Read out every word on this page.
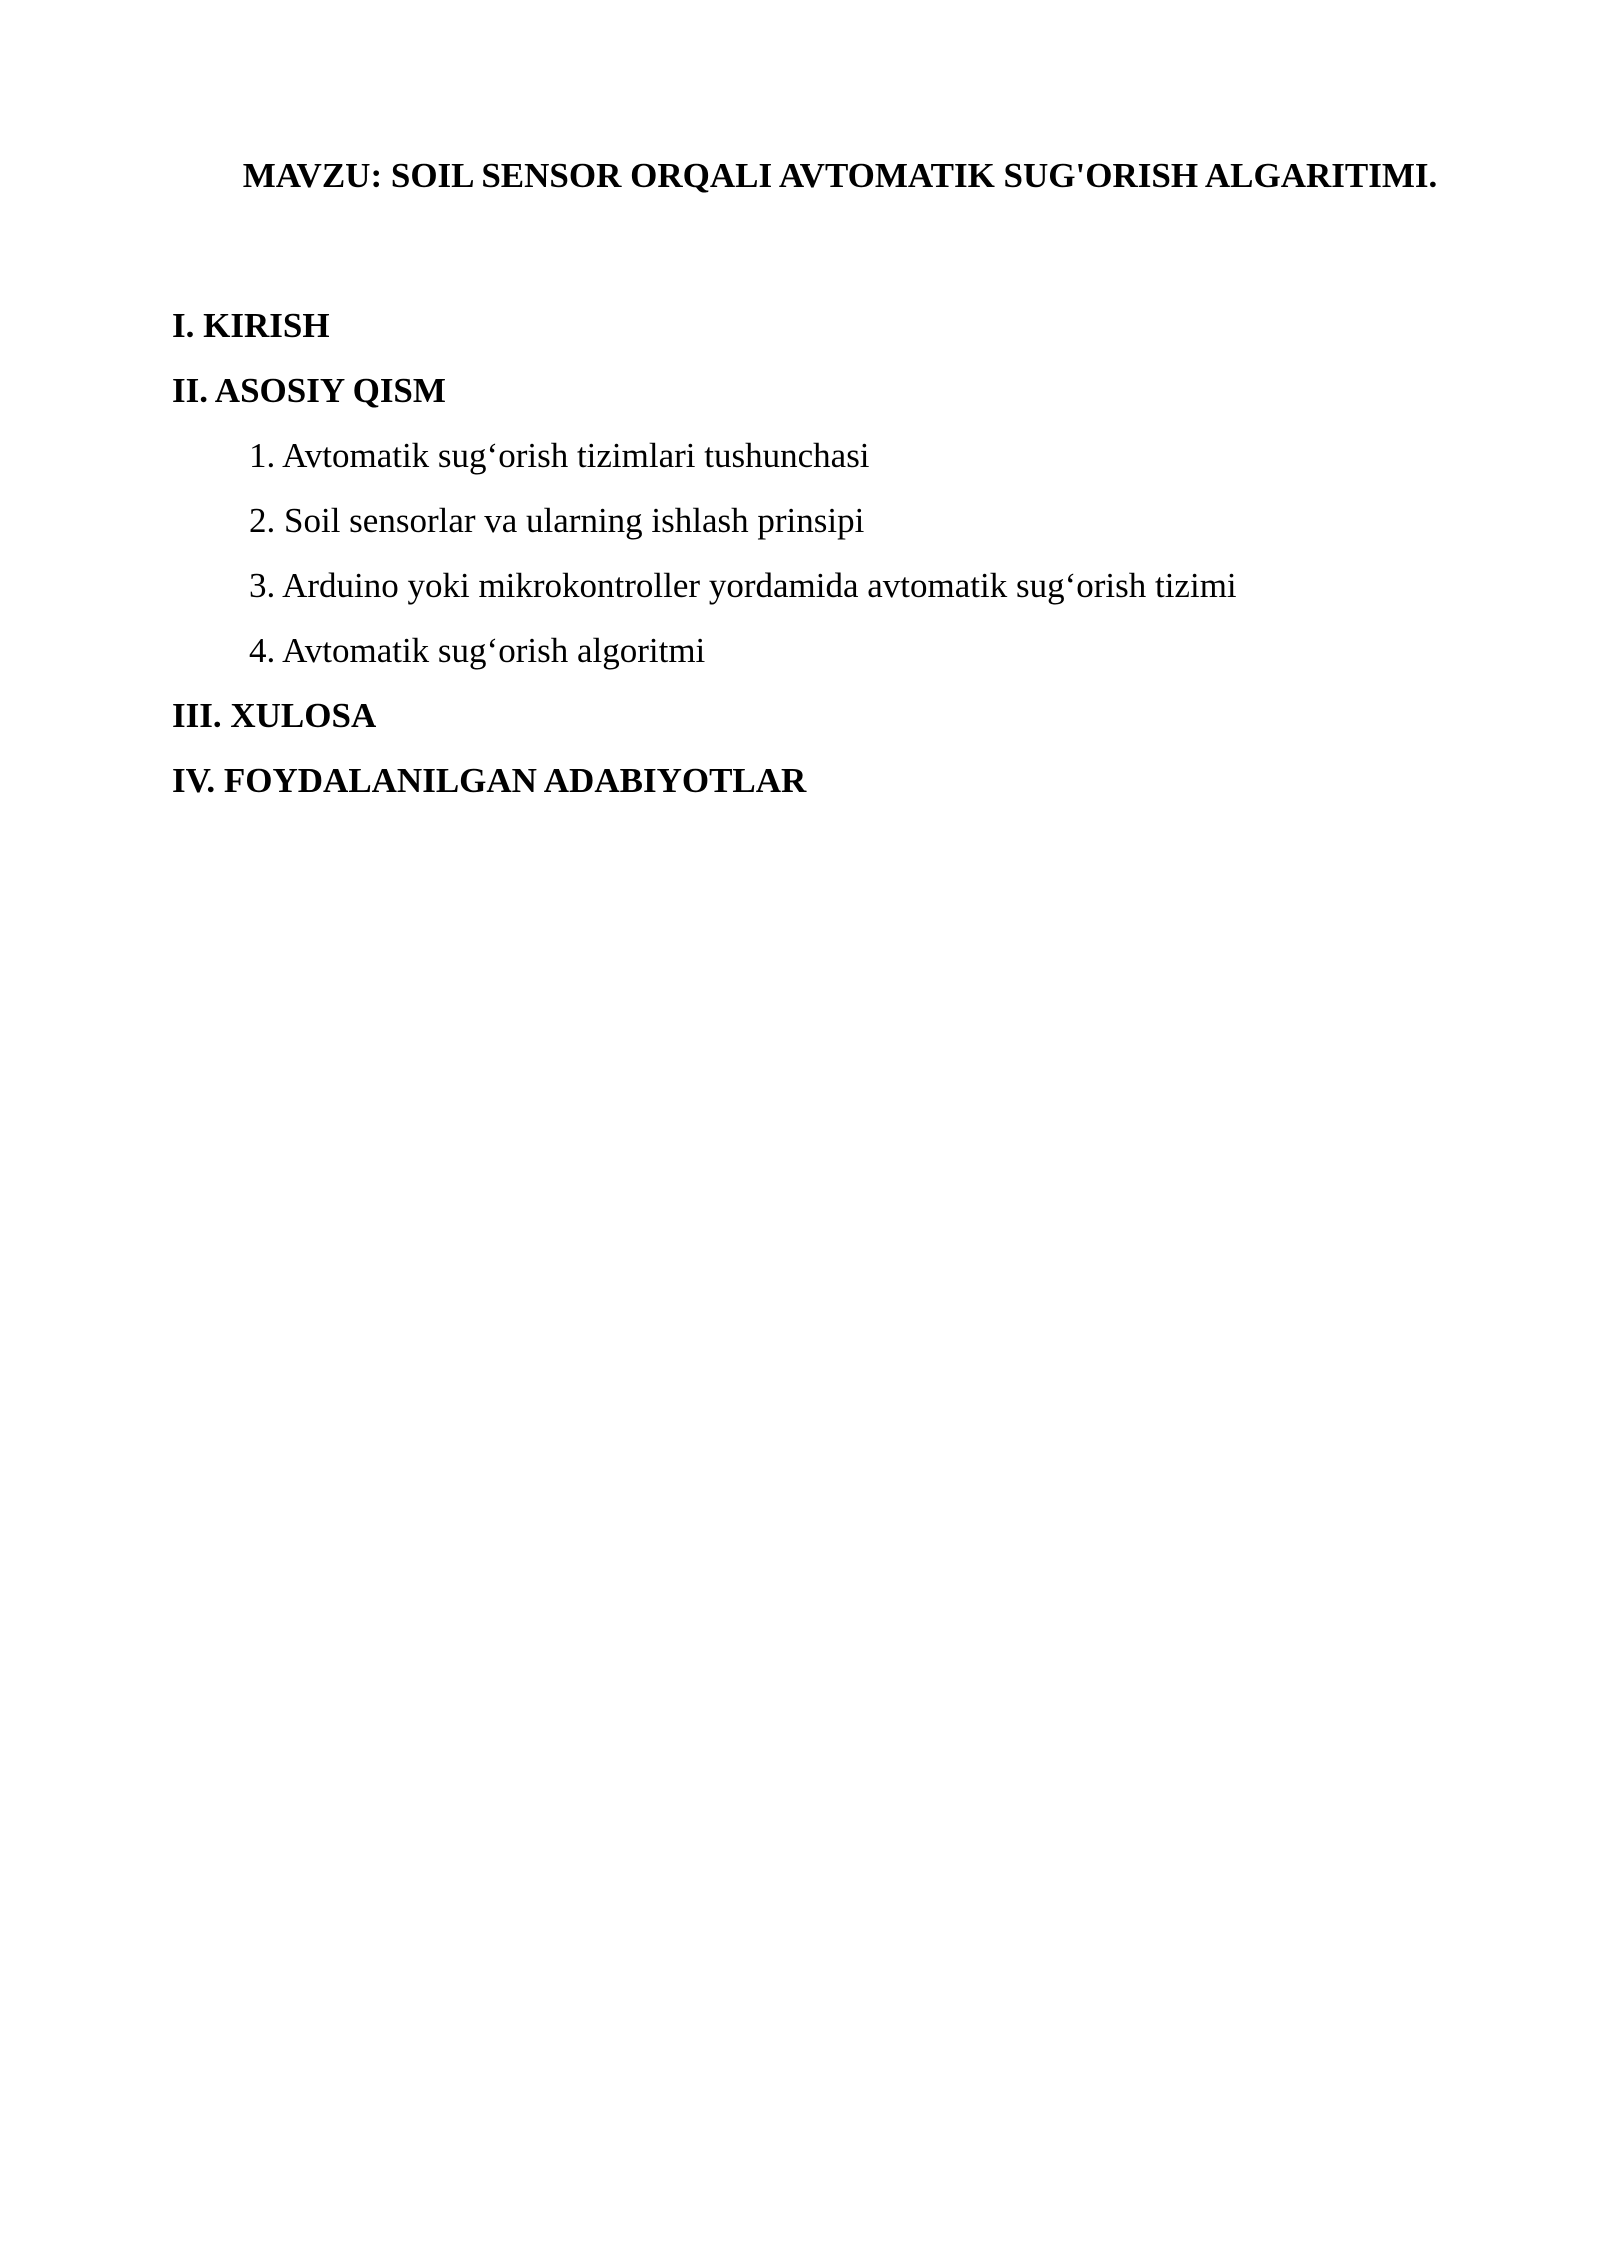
MAVZU: SOIL SENSOR ORQALI AVTOMATIK SUG'ORISH ALGARITIMI.
I. KIRISH
II. ASOSIY QISM
1. Avtomatik sug‘orish tizimlari tushunchasi
2. Soil sensorlar va ularning ishlash prinsipi
3. Arduino yoki mikrokontroller yordamida avtomatik sug‘orish tizimi
4. Avtomatik sug‘orish algoritmi
III. XULOSA
IV. FOYDALANILGAN ADABIYOTLAR
